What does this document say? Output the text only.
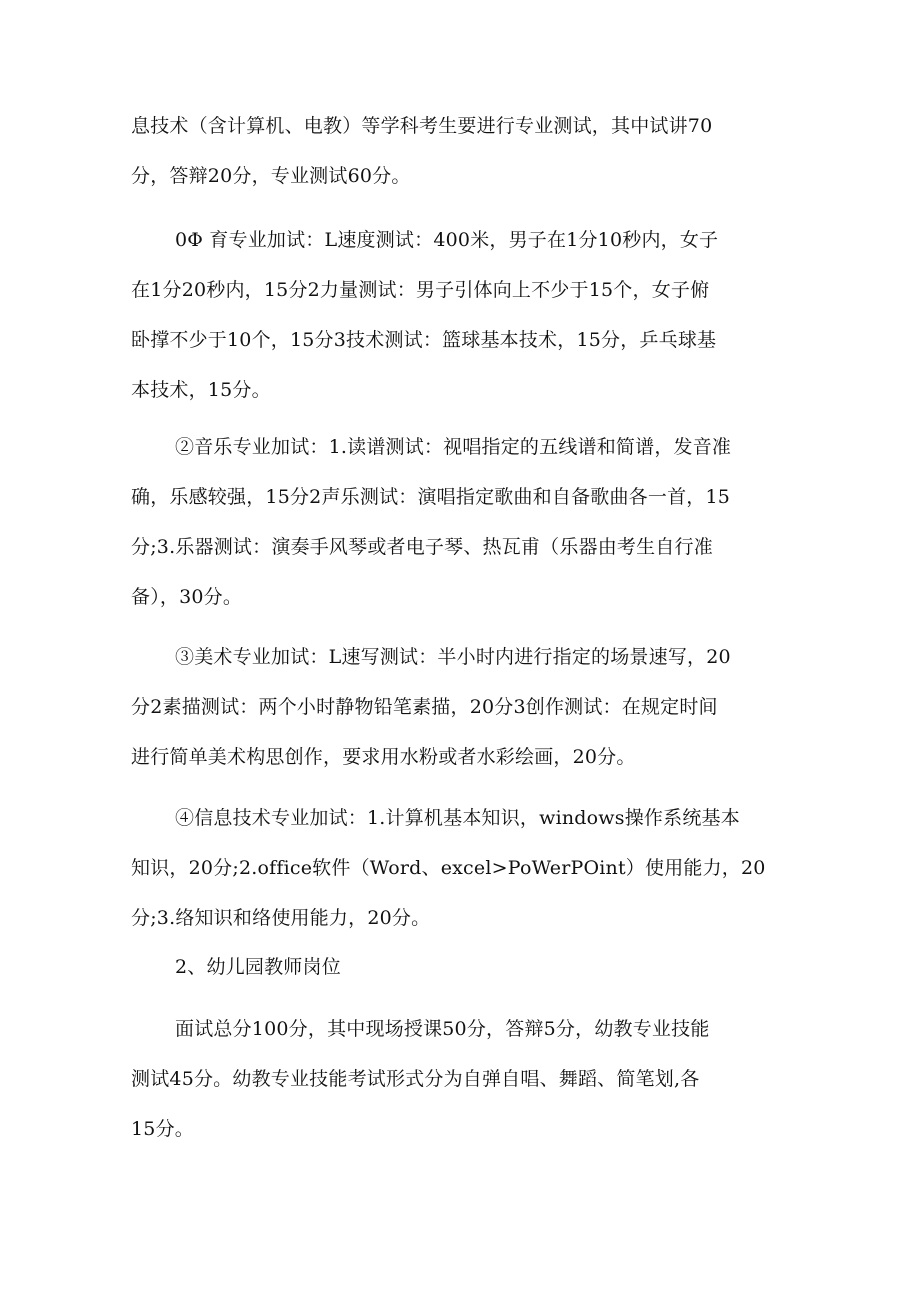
息技术（含计算机、电教）等学科考生要进行专业测试，其中试讲70
分，答辩20分，专业测试60分。

0Φ 育专业加试：L速度测试：400米，男子在1分10秒内，女子
在1分20秒内，15分2力量测试：男子引体向上不少于15个，女子俯
卧撑不少于10个，15分3技术测试：篮球基本技术，15分，乒乓球基
本技术，15分。

②音乐专业加试：1.读谱测试：视唱指定的五线谱和简谱，发音准
确，乐感较强，15分2声乐测试：演唱指定歌曲和自备歌曲各一首，15
分;3.乐器测试：演奏手风琴或者电子琴、热瓦甫（乐器由考生自行准
备），30分。

③美术专业加试：L速写测试：半小时内进行指定的场景速写，20
分2素描测试：两个小时静物铅笔素描，20分3创作测试：在规定时间
进行简单美术构思创作，要求用水粉或者水彩绘画，20分。

④信息技术专业加试：1.计算机基本知识，windows操作系统基本
知识，20分;2.office软件（Word、excel>PoWerPOint）使用能力，20
分;3.络知识和络使用能力，20分。

2、幼儿园教师岗位

面试总分100分，其中现场授课50分，答辩5分，幼教专业技能
测试45分。幼教专业技能考试形式分为自弹自唱、舞蹈、简笔划,各
15分。
